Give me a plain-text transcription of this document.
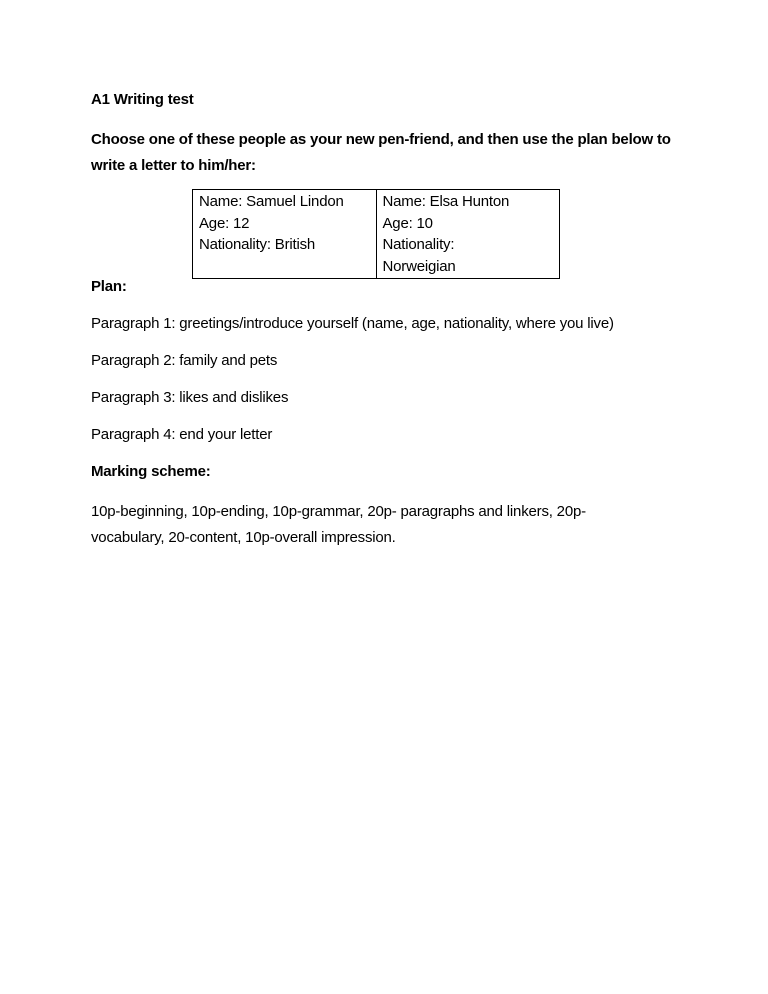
A1 Writing test
Choose one of these people as your new pen-friend, and then use the plan below to write a letter to him/her:
Name: Samuel Lindon
Age: 12
Nationality: British

Name: Elsa Hunton
Age: 10
Nationality:
Norweigian
Plan:
Paragraph 1: greetings/introduce yourself (name, age, nationality, where you live)
Paragraph 2: family and pets
Paragraph 3: likes and dislikes
Paragraph 4: end your letter
Marking scheme:
10p-beginning, 10p-ending, 10p-grammar, 20p- paragraphs and linkers, 20p-vocabulary, 20-content, 10p-overall impression.
